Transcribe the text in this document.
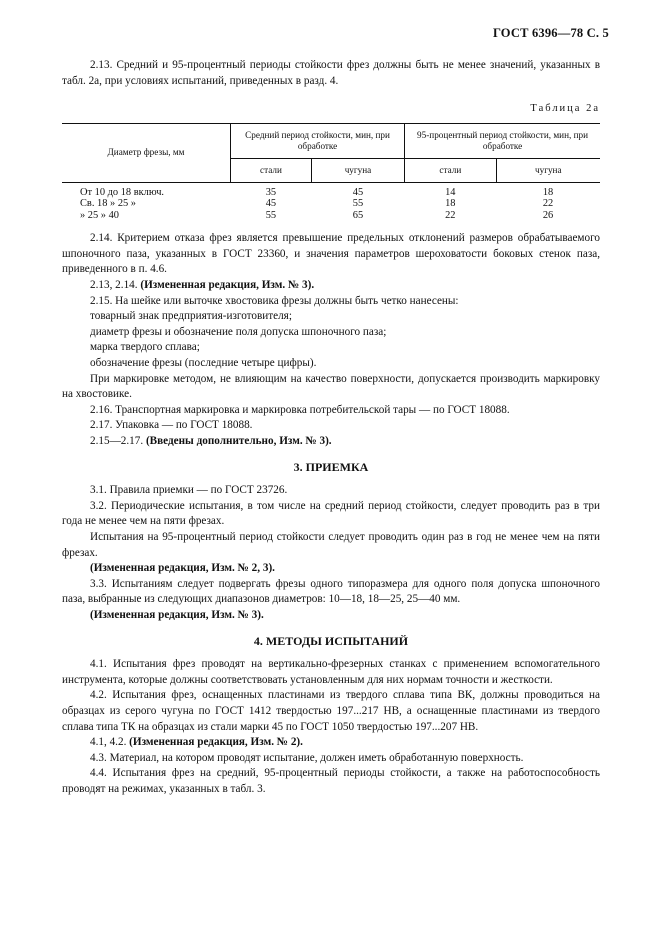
ГОСТ 6396—78 С. 5

2.13. Средний и 95-процентный периоды стойкости фрез должны быть не менее значений, указанных в табл. 2а, при условиях испытаний, приведенных в разд. 4.

Таблица 2а
Диаметр фрезы, мм	Средний период стойкости, мин, при обработке		95-процентный период стойкости, мин, при обработке	
	стали	чугуна	стали	чугуна

От 10 до 18 включ.	35	45	14	18
Св. 18 » 25 »	45	55	18	22
» 25 » 40	55	65	22	26

2.14. Критерием отказа фрез является превышение предельных отклонений размеров обрабатываемого шпоночного паза, указанных в ГОСТ 23360, и значения параметров шероховатости боковых стенок паза, приведенного в п. 4.6.

2.13, 2.14. (Измененная редакция, Изм. № 3).

2.15. На шейке или выточке хвостовика фрезы должны быть четко нанесены:

товарный знак предприятия-изготовителя;

диаметр фрезы и обозначение поля допуска шпоночного паза;

марка твердого сплава;

обозначение фрезы (последние четыре цифры).

При маркировке методом, не влияющим на качество поверхности, допускается производить маркировку на хвостовике.

2.16. Транспортная маркировка и маркировка потребительской тары — по ГОСТ 18088.

2.17. Упаковка — по ГОСТ 18088.

2.15—2.17. (Введены дополнительно, Изм. № 3).

3. ПРИЕМКА

3.1. Правила приемки — по ГОСТ 23726.

3.2. Периодические испытания, в том числе на средний период стойкости, следует проводить раз в три года не менее чем на пяти фрезах.

Испытания на 95-процентный период стойкости следует проводить один раз в год не менее чем на пяти фрезах.

(Измененная редакция, Изм. № 2, 3).

3.3. Испытаниям следует подвергать фрезы одного типоразмера для одного поля допуска шпоночного паза, выбранные из следующих диапазонов диаметров: 10—18, 18—25, 25—40 мм.

(Измененная редакция, Изм. № 3).

4. МЕТОДЫ ИСПЫТАНИЙ

4.1. Испытания фрез проводят на вертикально-фрезерных станках с применением вспомогательного инструмента, которые должны соответствовать установленным для них нормам точности и жесткости.

4.2. Испытания фрез, оснащенных пластинами из твердого сплава типа ВК, должны проводиться на образцах из серого чугуна по ГОСТ 1412 твердостью 197...217 НВ, а оснащенные пластинами из твердого сплава типа ТК на образцах из стали марки 45 по ГОСТ 1050 твердостью 197...207 НВ.

4.1, 4.2. (Измененная редакция, Изм. № 2).

4.3. Материал, на котором проводят испытание, должен иметь обработанную поверхность.

4.4. Испытания фрез на средний, 95-процентный периоды стойкости, а также на работоспособность проводят на режимах, указанных в табл. 3.
